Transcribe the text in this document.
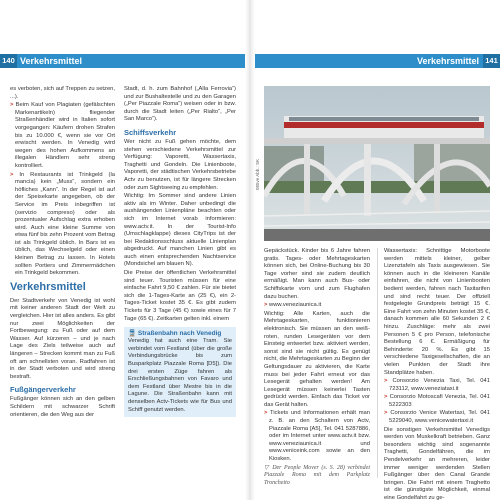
140 Verkehrsmittel	Verkehrsmittel 141

es verboten, sich auf Treppen zu setzen, ...).

> Beim Kauf von Plagiaten (gefälschten Markenartikeln) fliegender Straßenhändler wird in Italien sofort vorgegangen: Käufern drohen Strafen bis zu 10.000 €, wenn sie vor Ort erwischt werden. In Venedig wird wegen des hohen Aufkommens an illegalen Händlern sehr streng kontrolliert.

> In Restaurants ist Trinkgeld (la mancia) kein „Muss“, sondern ein höfliches „Kann“. In der Regel ist auf der Speisekarte angegeben, ob der Service im Preis inbegriffen ist (servizio compreso) oder als prozentualer Aufschlag extra erhoben wird. Auch eine kleine Summe von etwa fünf bis zehn Prozent vom Betrag ist als Trinkgeld üblich. In Bars ist es üblich, das Wechselgeld oder einen kleinen Betrag zu lassen. In Hotels sollten Portiers und Zimmermädchen ein Trinkgeld bekommen.

Verkehrsmittel

Der Stadtverkehr von Venedig ist wohl mit keiner anderen Stadt der Welt zu vergleichen. Hier ist alles anders. Es gibt nur zwei Möglichkeiten der Fortbewegung: zu Fuß oder auf dem Wasser. Auf kürzeren – und je nach Lage des Ziels teilweise auch auf längeren – Strecken kommt man zu Fuß oft am schnellsten voran. Radfahren ist in der Stadt verboten und wird streng bestraft.

Fußgängerverkehr

Fußgänger können sich an den gelben Schildern mit schwarzer Schrift orientieren, die den Weg aus der

Stadt, d. h. zum Bahnhof („Alla Ferrovia“) und zur Bushaltestelle und zu den Garagen („Per Piazzale Roma“) weisen oder in bzw. durch die Stadt leiten („Per Rialto“, „Per San Marco“).

Schiffsverkehr

Wer nicht zu Fuß gehen möchte, dem stehen verschiedene Verkehrsmittel zur Verfügung: Vaporetti, Wassertaxis, Traghetti und Gondeln. Die Linienboote, Vaporetti, der städtischen Verkehrsbetriebe Actv zu benutzen, ist für längere Strecken oder zum Sightseeing zu empfehlen.

Wichtig: Im Sommer sind andere Linien aktiv als im Winter. Daher unbedingt die aushängenden Linienpläne beachten oder sich im Internet vorab informieren: www.actv.it. In der Tourist-Info (Umschlagklappe) dieses CityTrips ist der bei Redaktionsschluss aktuelle Linienplan abgedruckt. Auf manchen Linien gibt es auch einen entsprechenden Nachtservice (Mondsichel am blauen N).

Die Preise der öffentlichen Verkehrsmittel sind teuer. Touristen müssen für eine einfache Fahrt 9,50 € zahlen. Für sie bietet sich die 1-Tages-Karte an (25 €), ein 2-Tages-Ticket kostet 35 €. Es gibt zudem Tickets für 3 Tage (45 €) sowie eines für 7 Tage (65 €). Zeitkarten gelten inkl. einem

🚆 Straßenbahn nach Venedig
Venedig hat auch eine Tram. Sie verbindet vom Festland (über die große Verbindungsbrücke bis zum Busparkplatz Piazzale Roma [D5]). Die drei ersten Züge fahren als Erschließungsbahnen von Favaro und dem Festland über Mestre bis in die Lagune. Die Straßenbahn kann mit denselben Actv-Tickets wie für Bus und Schiff genutzt werden.
085ve Abb.: SK

Gepäckstück. Kinder bis 6 Jahre fahren gratis. Tages- oder Mehrtageskarten können sich, bei Online-Buchung bis 30 Tage vorher sind sie zudem deutlich ermäßigt. Man kann auch Bus- oder Schiffskarte vorn und zum Flughafen dazu buchen.

> www.veneziaunica.it

Wichtig: Alle Karten, auch die Mehrtageskarten, funktionieren elektronisch. Sie müssen an den weiß-roten, runden Lesegeräten vor dem Einsteig entwertet bzw. aktiviert werden, sonst sind sie nicht gültig. Es genügt nicht, die Mehrtageskarten zu Beginn der Geltungsdauer zu aktivieren, die Karte muss bei jeder Fahrt erneut vor das Lesegerät gehalten werden! Am Lesegerät müssen keinerlei Tasten gedrückt werden. Einfach das Ticket vor das Gerät halten.

> Tickets und Informationen erhält man z. B. an den Schaltern von Actv, Piazzale Roma [A5], Tel. 041 5287886, oder im Internet unter www.actv.it bzw. www.veneziaunica.it und www.veniceink.com sowie an den Kiosken.

▽ Der People Mover (s. S. 28) verbindet Piazzale Roma mit dem Parkplatz Tronchetto

Wassertaxis: Schnittige Motorboote werden mittels kleiner, gelber Lizenztafeln als Taxis ausgewiesen. Sie können auch in die kleineren Kanäle einfahren, die nicht von Linienbooten bedient werden, fahren nach Taxitarifen und sind recht teuer. Der offiziell festgelegte Grundpreis beträgt 15 €. Eine Fahrt von zehn Minuten kostet 35 €, danach kommen alle 60 Sekunden 2 € hinzu. Zuschläge: mehr als zwei Personen 5 € pro Person, telefonische Bestellung 6 €. Ermäßigung für Behinderte: 20 %. Es gibt 15 verschiedene Taxigesellschaften, die an vielen Punkten der Stadt ihre Standplätze haben.

> Consorzio Venezia Taxi, Tel. 041 723112, www.veneziataxi.it

> Consorzio Motoscafi Venezia, Tel. 041 5222303

> Consorzio Venice Watertaxi, Tel. 041 5229040, www.venicewatertaxi.it

Die sonstigen Verkehrsmittel Venedigs werden von Muskelkraft betrieben. Ganz besonders wichtig sind sogenannte Traghetti, Gondelfähren, die im Pendelverkehr an mehreren, leider immer weniger werdenden Stellen Fußgänger über den Canal Grande bringen. Die Fahrt mit einem Traghetto ist die günstigste Möglichkeit, einmal eine Gondelfahrt zu ge-
